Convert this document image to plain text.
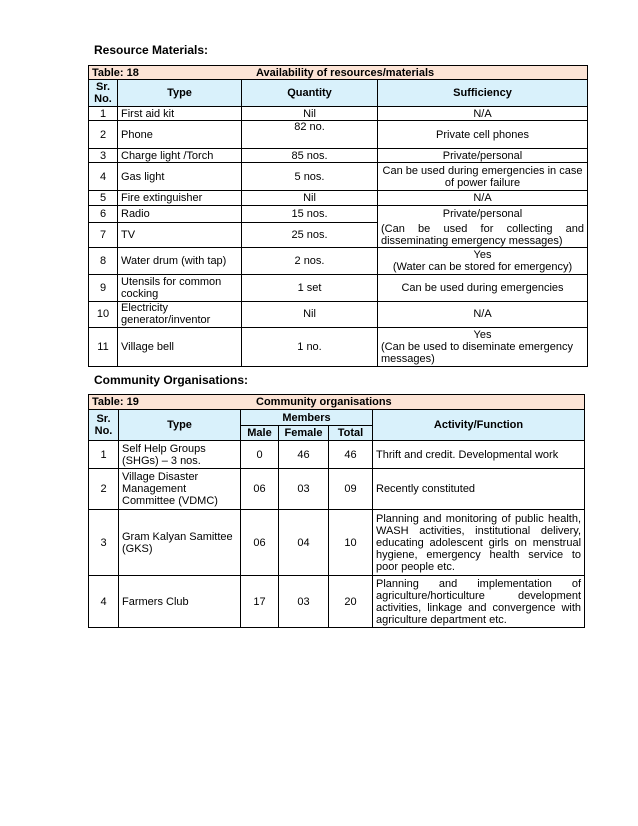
Resource Materials:
Table: 18 Availability of resources/materials			
Sr. No.	Type	Quantity	Sufficiency
1	First aid kit	Nil	N/A
2	Phone	82 no.	Private cell phones
3	Charge light /Torch	85 nos.	Private/personal
4	Gas light	5 nos.	Can be used during emergencies in case of power failure
5	Fire extinguisher	Nil	N/A
6	Radio	15 nos.	Private/personal
7	TV	25 nos.	(Can be used for collecting and disseminating emergency messages)
8	Water drum (with tap)	2 nos.	Yes
(Water can be stored for emergency)

9	Utensils for common cocking	1 set	Can be used during emergencies
10	Electricity generator/inventor	Nil	N/A
11	Village bell	1 no.	Yes
(Can be used to diseminate emergency messages)
Community Organisations:
Table: 19 Community organisations					
Sr. No.	Type	Members			Activity/Function
		Male	Female	Total	
1	Self Help Groups (SHGs) – 3 nos.	0	46	46	Thrift and credit. Developmental work
2	Village Disaster Management Committee (VDMC)	06	03	09	Recently constituted
3	Gram Kalyan Samittee (GKS)	06	04	10	Planning and monitoring of public health, WASH activities, institutional delivery, educating adolescent girls on menstrual hygiene, emergency health service to poor people etc.
4	Farmers Club	17	03	20	Planning and implementation of agriculture/horticulture development activities, linkage and convergence with agriculture department etc.
